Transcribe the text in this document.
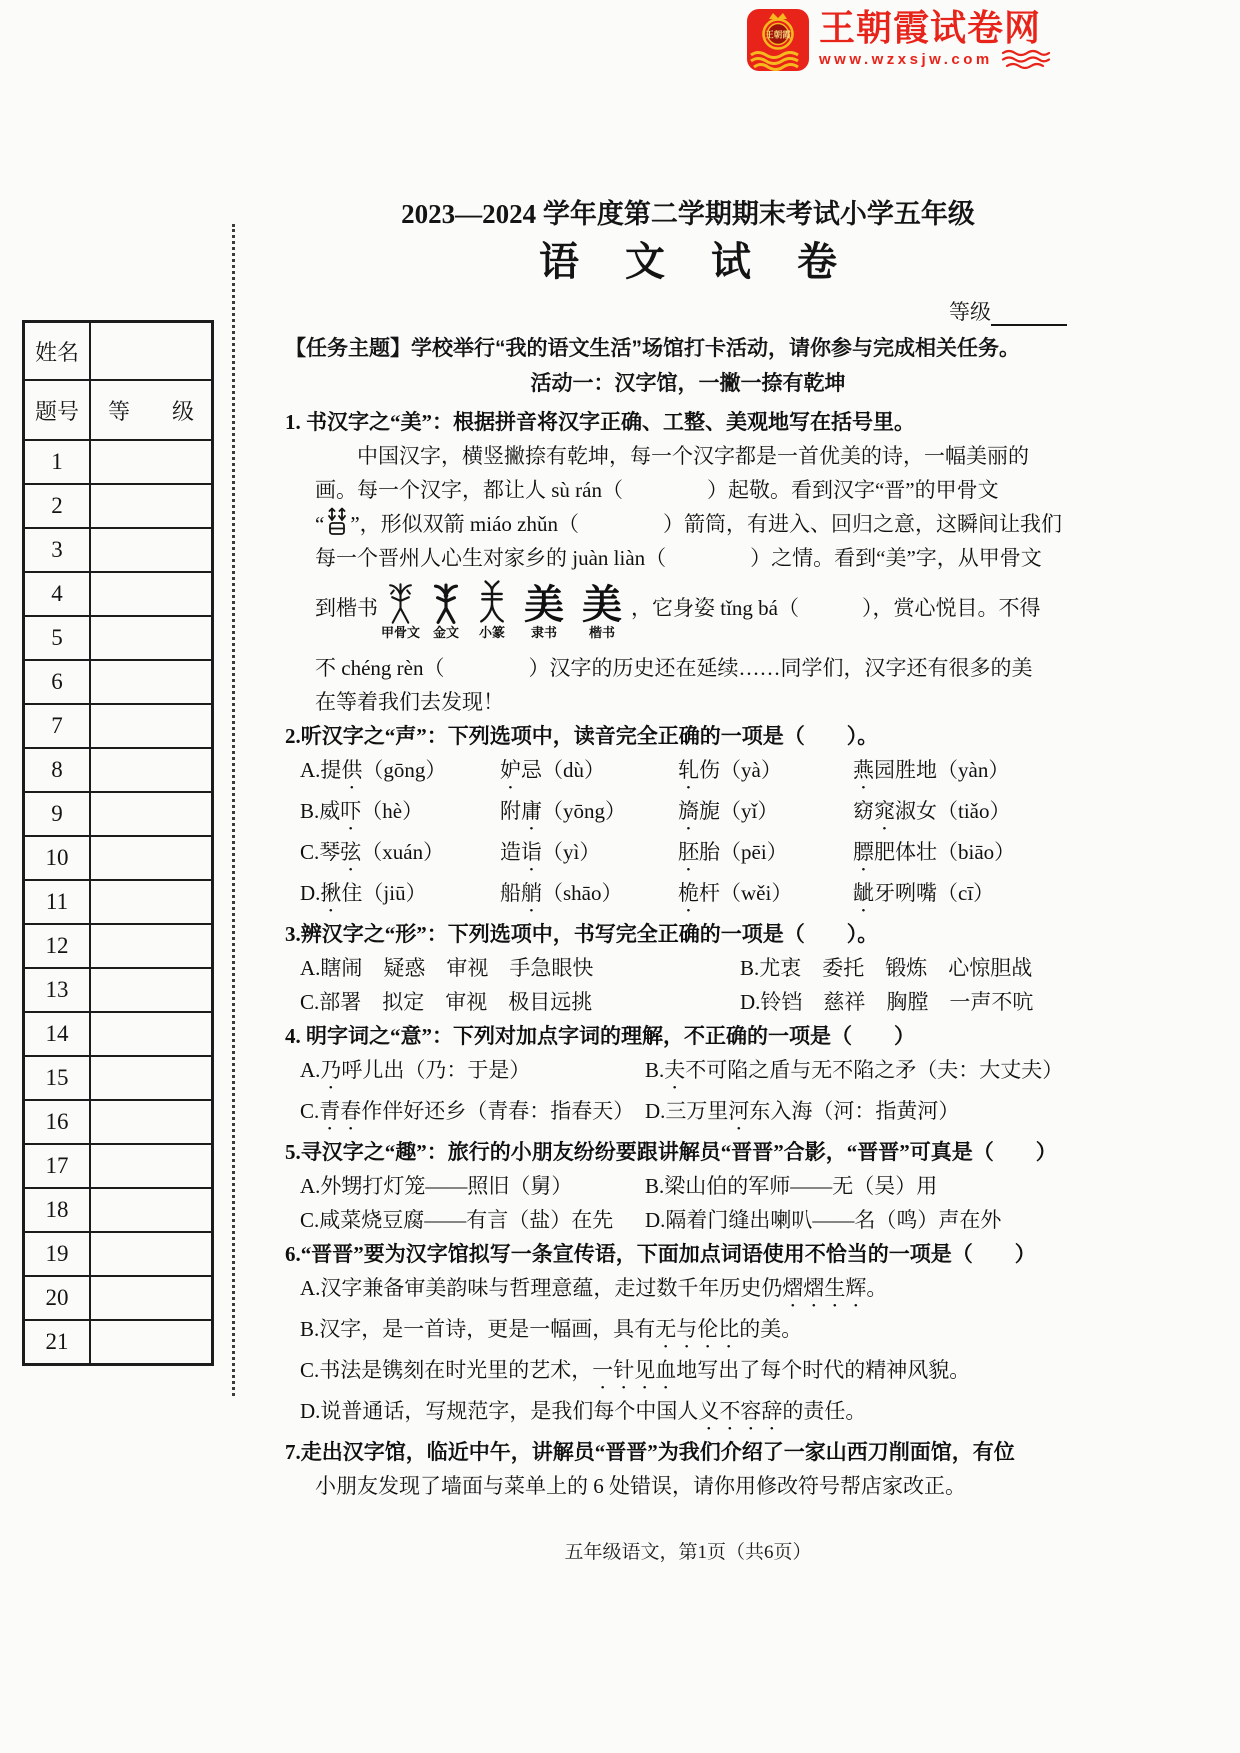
王朝霞 王朝霞试卷网
www.wzxsjw.com
姓名
题号	等　级
1
2
3
4
5
6
7
8
9
10
11
12
13
14
15
16
17
18
19
20
21
2023—2024 学年度第二学期期末考试小学五年级
语 文 试 卷
等级
【任务主题】学校举行“我的语文生活”场馆打卡活动，请你参与完成相关任务。
活动一：汉字馆，一撇一捺有乾坤
1. 书汉字之“美”：根据拼音将汉字正确、工整、美观地写在括号里。
中国汉字，横竖撇捺有乾坤，每一个汉字都是一首优美的诗，一幅美丽的
画。每一个汉字，都让人 sù rán（　　　　）起敬。看到汉字“晋”的甲骨文
“ ”，形似双箭 miáo zhǔn（　　　　）箭筒，有进入、回归之意，这瞬间让我们
每一个晋州人心生对家乡的 juàn liàn（　　　　）之情。看到“美”字，从甲骨文
到楷书
甲骨文 金文 小篆
美
隶书
美
楷书
，它身姿 tǐng bá（　　　），赏心悦目。不得
不 chéng rèn（　　　　）汉字的历史还在延续……同学们，汉字还有很多的美
在等着我们去发现！
2.听汉字之“声”：下列选项中，读音完全正确的一项是（　　）。
A.提供（gōng）	妒忌（dù）	轧伤（yà）	燕园胜地（yàn）
B.威吓（hè）	附庸（yōng）	旖旎（yǐ）	窈窕淑女（tiǎo）
C.琴弦（xuán）	造诣（yì）	胚胎（pēi）	膘肥体壮（biāo）
D.揪住（jiū）	船艄（shāo）	桅杆（wěi）	龇牙咧嘴（cī）
3.辨汉字之“形”：下列选项中，书写完全正确的一项是（　　）。
A.瞎闹　疑惑　审视　手急眼快	B.尤衷　委托　锻炼　心惊胆战
C.部署　拟定　审视　极目远挑	D.铃铛　慈祥　胸膛　一声不吭
4. 明字词之“意”：下列对加点字词的理解，不正确的一项是（　　）
A.乃呼儿出（乃：于是）	B.夫不可陷之盾与无不陷之矛（夫：大丈夫）
C.青春作伴好还乡（青春：指春天） D.三万里河东入海（河：指黄河）
5.寻汉字之“趣”：旅行的小朋友纷纷要跟讲解员“晋晋”合影，“晋晋”可真是（　　）
A.外甥打灯笼——照旧（舅）	B.梁山伯的军师——无（吴）用
C.咸菜烧豆腐——有言（盐）在先	D.隔着门缝出喇叭——名（鸣）声在外
6.“晋晋”要为汉字馆拟写一条宣传语，下面加点词语使用不恰当的一项是（　　）
A.汉字兼备审美韵味与哲理意蕴，走过数千年历史仍熠熠生辉。
B.汉字，是一首诗，更是一幅画，具有无与伦比的美。
C.书法是镌刻在时光里的艺术，一针见血地写出了每个时代的精神风貌。
D.说普通话，写规范字，是我们每个中国人义不容辞的责任。
7.走出汉字馆，临近中午，讲解员“晋晋”为我们介绍了一家山西刀削面馆，有位
小朋友发现了墙面与菜单上的 6 处错误，请你用修改符号帮店家改正。
五年级语文，第1页（共6页）
